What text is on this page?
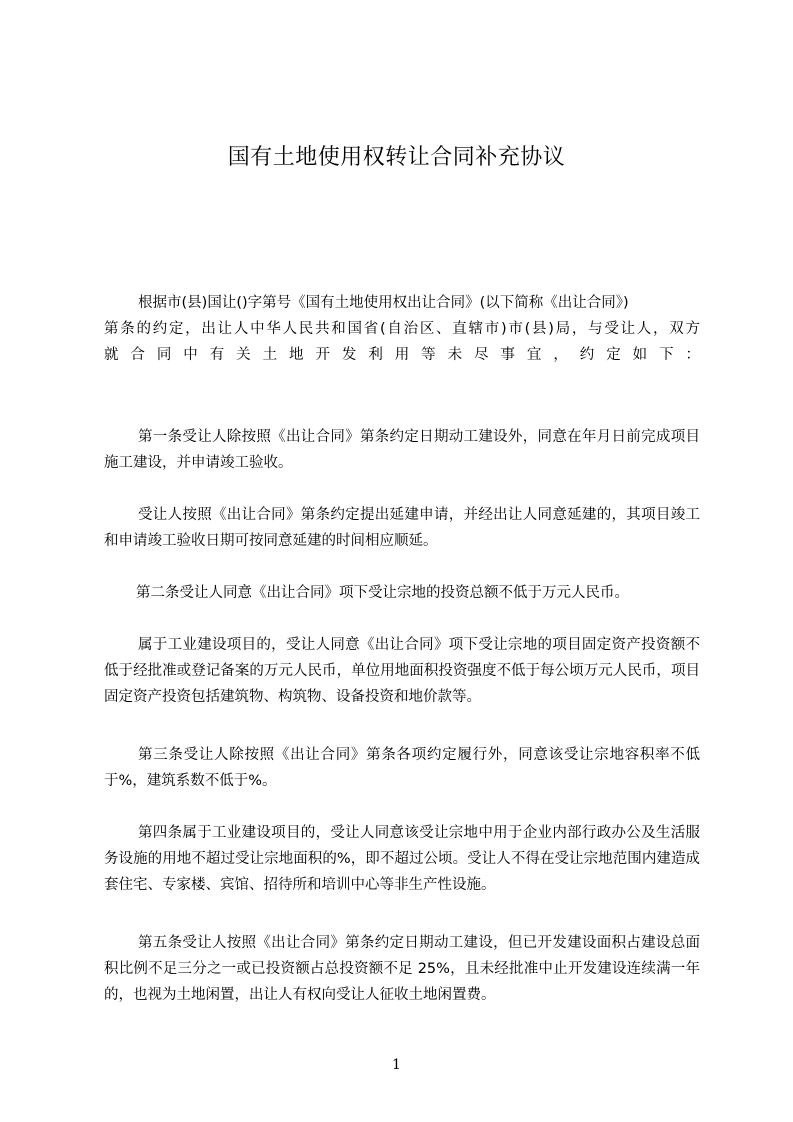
国有土地使用权转让合同补充协议

根据市(县)国让()字第号《国有土地使用权出让合同》(以下简称《出让合同》)

第条的约定，出让人中华人民共和国省(自治区、直辖市)市(县)局，与受让人，双方

就合同中有关土地开发利用等未尽事宜，约定如下：

第一条受让人除按照《出让合同》第条约定日期动工建设外，同意在年月日前完成项目施工建设，并申请竣工验收。

受让人按照《出让合同》第条约定提出延建申请，并经出让人同意延建的，其项目竣工和申请竣工验收日期可按同意延建的时间相应顺延。

第二条受让人同意《出让合同》项下受让宗地的投资总额不低于万元人民币。

属于工业建设项目的，受让人同意《出让合同》项下受让宗地的项目固定资产投资额不低于经批准或登记备案的万元人民币，单位用地面积投资强度不低于每公顷万元人民币，项目固定资产投资包括建筑物、构筑物、设备投资和地价款等。

第三条受让人除按照《出让合同》第条各项约定履行外，同意该受让宗地容积率不低于%，建筑系数不低于%。

第四条属于工业建设项目的，受让人同意该受让宗地中用于企业内部行政办公及生活服务设施的用地不超过受让宗地面积的%，即不超过公顷。受让人不得在受让宗地范围内建造成套住宅、专家楼、宾馆、招待所和培训中心等非生产性设施。

第五条受让人按照《出让合同》第条约定日期动工建设，但已开发建设面积占建设总面积比例不足三分之一或已投资额占总投资额不足 25%，且未经批准中止开发建设连续满一年的，也视为土地闲置，出让人有权向受让人征收土地闲置费。

1
